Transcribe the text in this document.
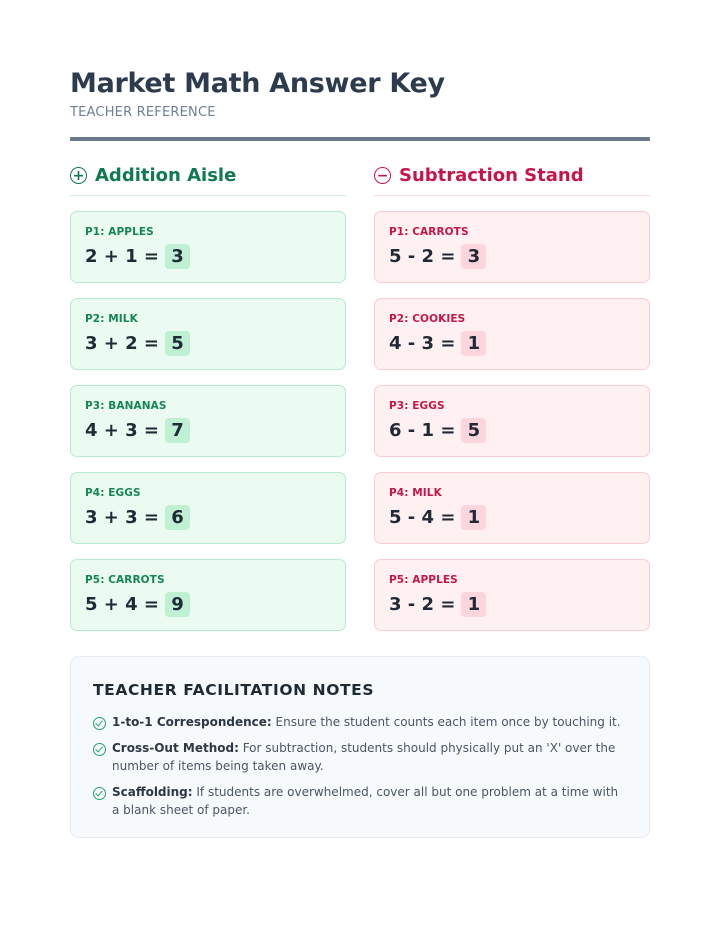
Market Math Answer Key
TEACHER REFERENCE
+ Addition Aisle
P1: APPLES
2 + 1 = 3
P2: MILK
3 + 2 = 5
P3: BANANAS
4 + 3 = 7
P4: EGGS
3 + 3 = 6
P5: CARROTS
5 + 4 = 9
− Subtraction Stand
P1: CARROTS
5 - 2 = 3
P2: COOKIES
4 - 3 = 1
P3: EGGS
6 - 1 = 5
P4: MILK
5 - 4 = 1
P5: APPLES
3 - 2 = 1
TEACHER FACILITATION NOTES
1-to-1 Correspondence: Ensure the student counts each item once by touching it.
Cross-Out Method: For subtraction, students should physically put an 'X' over the number of items being taken away.
Scaffolding: If students are overwhelmed, cover all but one problem at a time with a blank sheet of paper.
